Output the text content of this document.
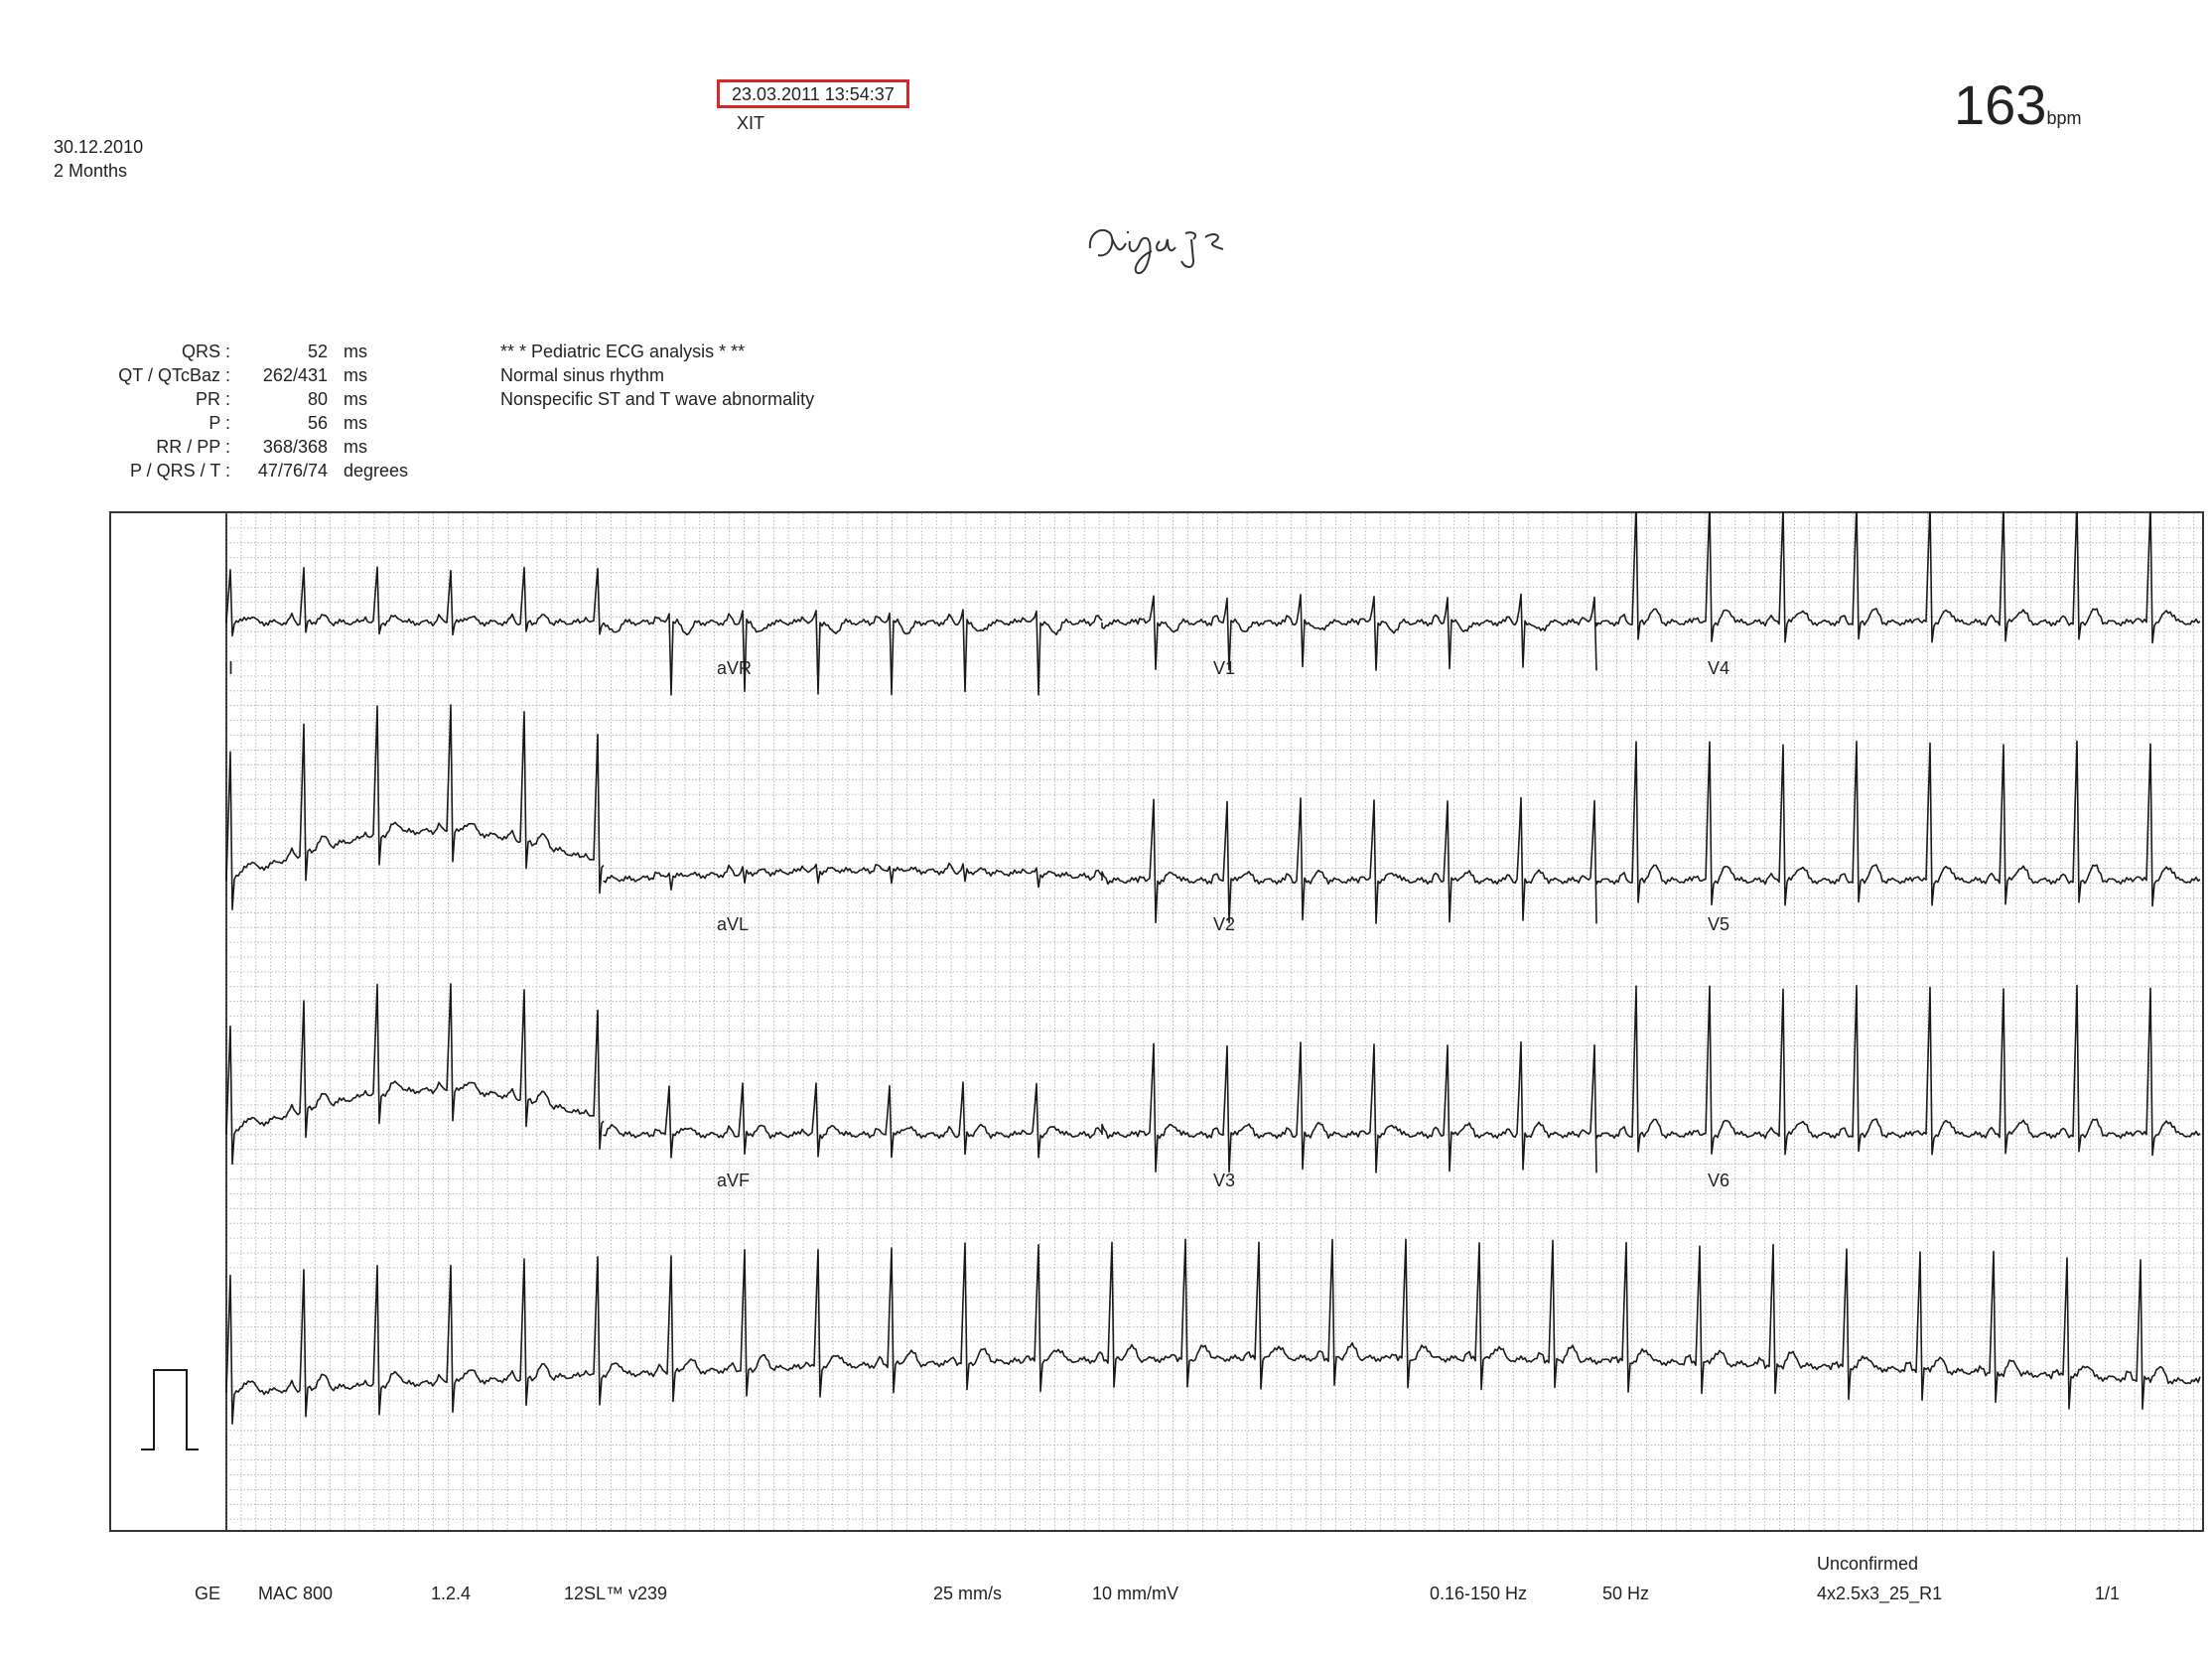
30.12.2010
2 Months
23.03.2011 13:54:37
XIT	163bpm
QRS :	52 ms
QT / QTcBaz : 262/431 ms
PR :	80 ms
P :	56 ms
RR / PP : 368/368 ms
P / QRS / T : 47/76/74 degrees
** * Pediatric ECG analysis * **
Normal sinus rhythm
Nonspecific ST and T wave abnormality
I	aVR	V1	V4
aVL	V2	V5
aVF	V3	V6
GE MAC 800	1.2.4	12SL™ v239	25 mm/s	10 mm/mV	0.16-150 Hz	50 Hz
Unconfirmed
4x2.5x3_25_R1	1/1
